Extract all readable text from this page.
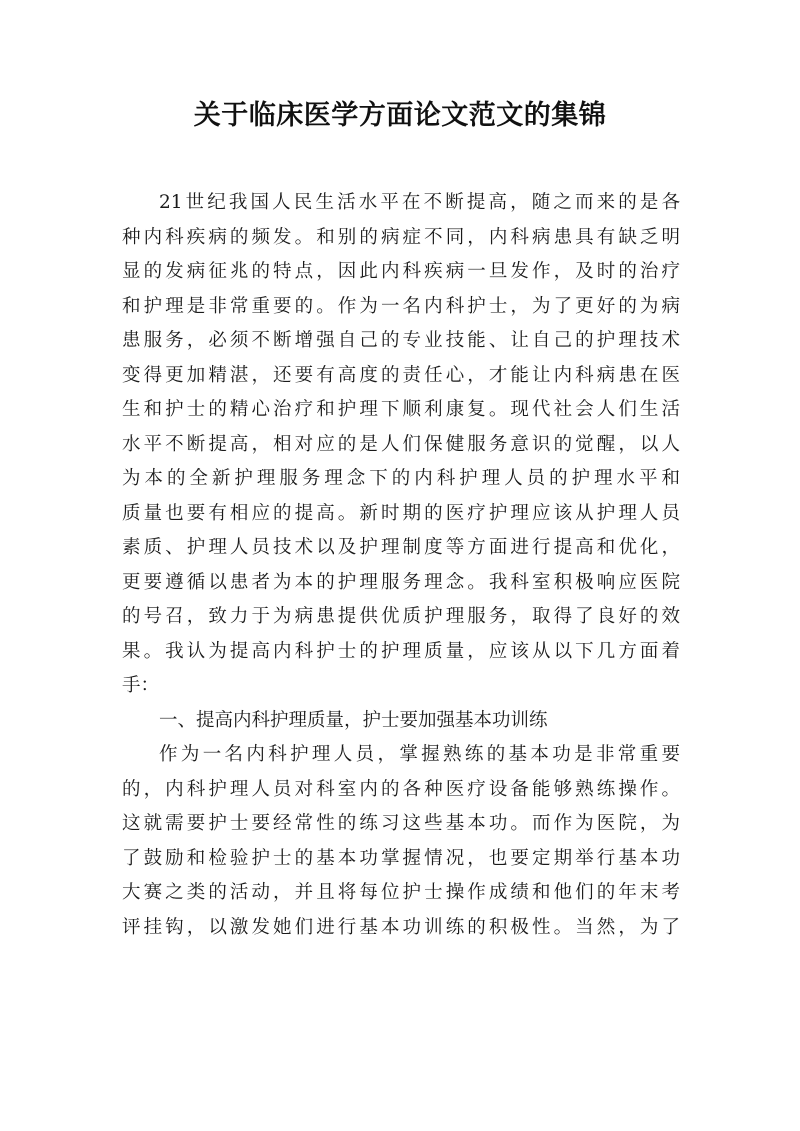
关于临床医学方面论文范文的集锦
21世纪我国人民生活水平在不断提高，随之而来的是各
种内科疾病的频发。和别的病症不同，内科病患具有缺乏明
显的发病征兆的特点，因此内科疾病一旦发作，及时的治疗
和护理是非常重要的。作为一名内科护士，为了更好的为病
患服务，必须不断增强自己的专业技能、让自己的护理技术
变得更加精湛，还要有高度的责任心，才能让内科病患在医
生和护士的精心治疗和护理下顺利康复。现代社会人们生活
水平不断提高，相对应的是人们保健服务意识的觉醒，以人
为本的全新护理服务理念下的内科护理人员的护理水平和
质量也要有相应的提高。新时期的医疗护理应该从护理人员
素质、护理人员技术以及护理制度等方面进行提高和优化，
更要遵循以患者为本的护理服务理念。我科室积极响应医院
的号召，致力于为病患提供优质护理服务，取得了良好的效
果。我认为提高内科护士的护理质量，应该从以下几方面着
手：
一、提高内科护理质量，护士要加强基本功训练
作为一名内科护理人员，掌握熟练的基本功是非常重要
的，内科护理人员对科室内的各种医疗设备能够熟练操作。
这就需要护士要经常性的练习这些基本功。而作为医院，为
了鼓励和检验护士的基本功掌握情况，也要定期举行基本功
大赛之类的活动，并且将每位护士操作成绩和他们的年末考
评挂钩，以激发她们进行基本功训练的积极性。当然，为了
